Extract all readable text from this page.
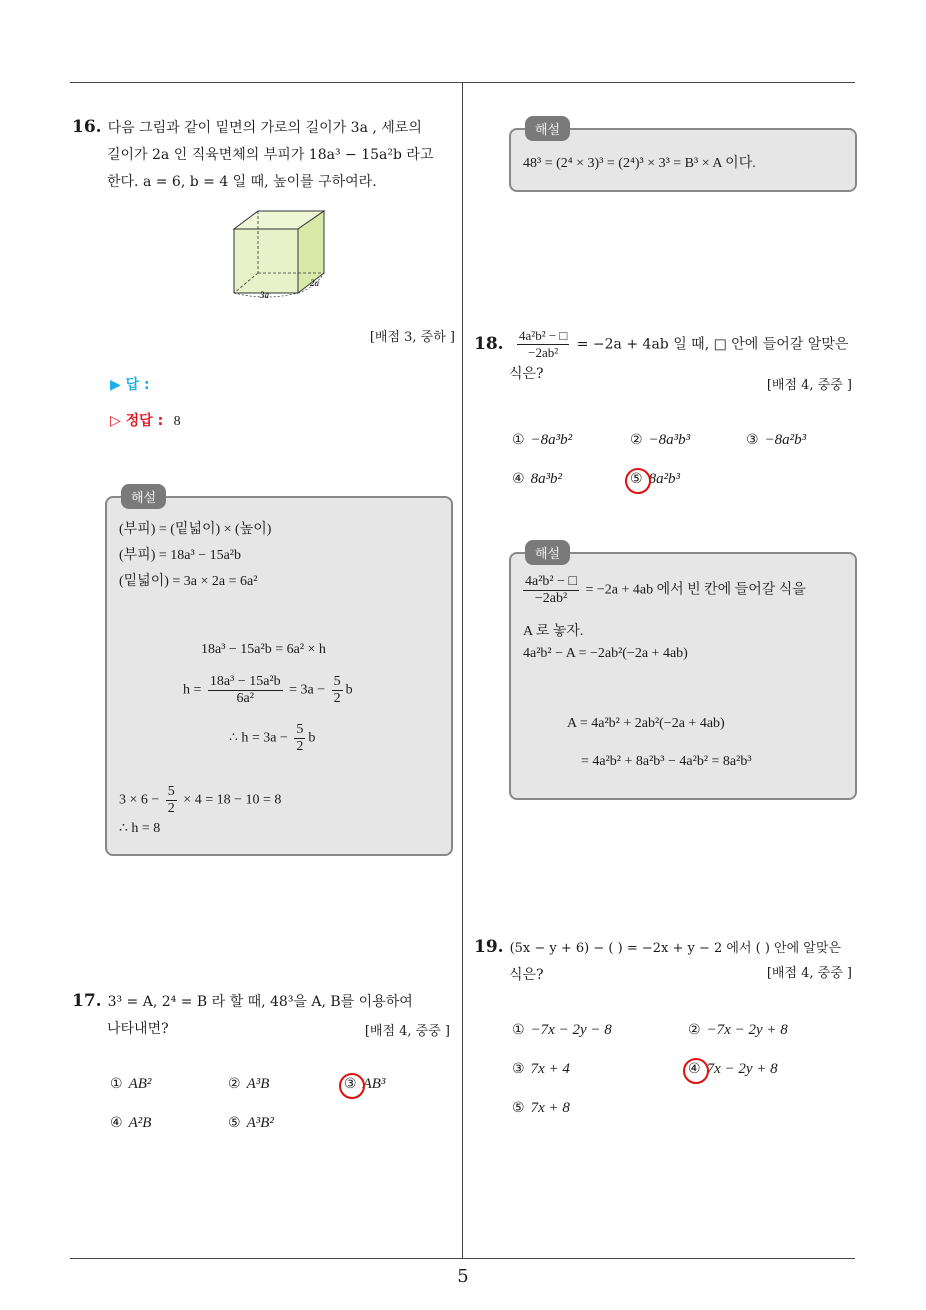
5
16. 다음 그림과 같이 밑면의 가로의 길이가 3a , 세로의
길이가 2a 인 직육면체의 부피가 18a³ − 15a²b 라고
한다. a = 6, b = 4 일 때, 높이를 구하여라.
3a
2a
[배점 3, 중하 ]
▶ 답 :
▷ 정답 : 8
해설
(부피) = (밑넓이) × (높이)
(부피) = 18a³ − 15a²b
(밑넓이) = 3a × 2a = 6a²
18a³ − 15a²b = 6a² × h
$h = \frac{\text{18a³ − 15a²b}}{\text{6a²}} = 3a - \frac{5}{2}$ b
∴ $h = 3a - \frac{5}{2}$ b
$3 \times 6 - \frac{5}{2} \times 4 = 18 - 10 = 8$
∴ h = 8
17. 3³ = A, 2⁴ = B 라 할 때, 48³을 A, B를 이용하여
나타내면?	[배점 4, 중중 ]
① AB²	② A³B	③ AB³
④ A²B	⑤ A³B²
해설
48³ = (2⁴ × 3)³ = (2⁴)³ × 3³ = B³ × A 이다.
18. $\frac{\text{4a²b² − □}}{\text{−2ab²}} = -2a + 4ab$ 일 때, □ 안에 들어갈 알맞은
식은?
[배점 4, 중중 ]
① −8a³b²	② −8a³b³	③ −8a²b³
④ 8a³b²	⑤ 8a²b³
해설
$\frac{\text{4a²b² − □}}{\text{−2ab²}} = -2a + 4ab$ 에서 빈 칸에 들어갈 식을
A 로 놓자.
4a²b² − A = −2ab²(−2a + 4ab)
A = 4a²b² + 2ab²(−2a + 4ab)
= 4a²b² + 8a²b³ − 4a²b² = 8a²b³
19. (5x − y + 6) − ( ) = −2x + y − 2 에서 ( ) 안에 알맞은
식은?	[배점 4, 중중 ]
① −7x − 2y − 8	② −7x − 2y + 8
③ 7x + 4	④ 7x − 2y + 8
⑤ 7x + 8
